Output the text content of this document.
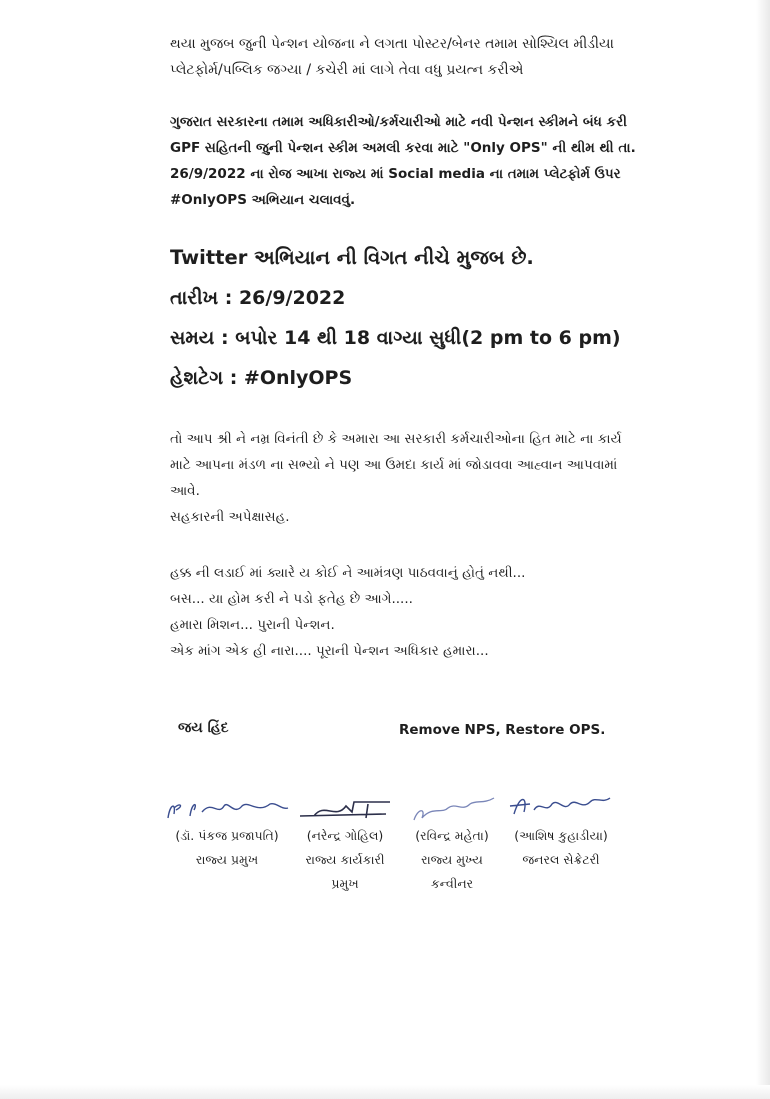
થયા મુજબ જુની પેન્શન યોજના ને લગતા પોસ્ટર/બેનર તમામ સોશ્યિલ મીડીયા
પ્લેટફોર્મ/પબ્લિક જગ્યા / કચેરી માં લાગે તેવા વધુ પ્રયત્ન કરીએ
ગુજરાત સરકારના તમામ અધિકારીઓ/કર્મચારીઓ માટે નવી પેન્શન સ્કીમને બંધ કરી
GPF સહિતની જુની પેન્શન સ્કીમ અમલી કરવા માટે "Only OPS" ની થીમ થી તા.
26/9/2022 ના રોજ આખા રાજ્ય માં Social media ના તમામ પ્લેટફોર્મ ઉપર
#OnlyOPS અભિયાન ચલાવવું.
Twitter અભિયાન ની વિગત નીચે મુજબ છે.
તારીખ : 26/9/2022
સમય : બપોર 14 થી 18 વાગ્યા સુધી(2 pm to 6 pm)
હેશટેગ : #OnlyOPS
તો આપ શ્રી ને નમ્ર વિનંતી છે કે અમારા આ સરકારી કર્મચારીઓના હિત માટે ના કાર્ય
માટે આપના મંડળ ના સભ્યો ને પણ આ ઉમદા કાર્ય માં જોડાવવા આહ્વાન આપવામાં
આવે.
સહકારની અપેક્ષાસહ.
હક્ક ની લડાઈ માં ક્યારે ય કોઈ ને આમંત્રણ પાઠવવાનું હોતું નથી...
બસ... યા હોમ કરી ને પડો ફતેહ છે આગે.....
હમારા મિશન... પુરાની પેન્શન.
એક માંગ એક હી નારા.... પૂરાની પેન્શન અધિકાર હમારા...
જય હિંદ	Remove NPS, Restore OPS.
(ડૉ. પંકજ પ્રજાપતિ)
રાજ્ય પ્રમુખ
(નરેન્દ્ર ગોહિલ)
રાજ્ય કાર્યકારી
પ્રમુખ
(રવિન્દ્ર મહેતા)
રાજ્ય મુખ્ય
કન્વીનર
(આશિષ કુહાડીયા)
જનરલ સેક્રેટરી
